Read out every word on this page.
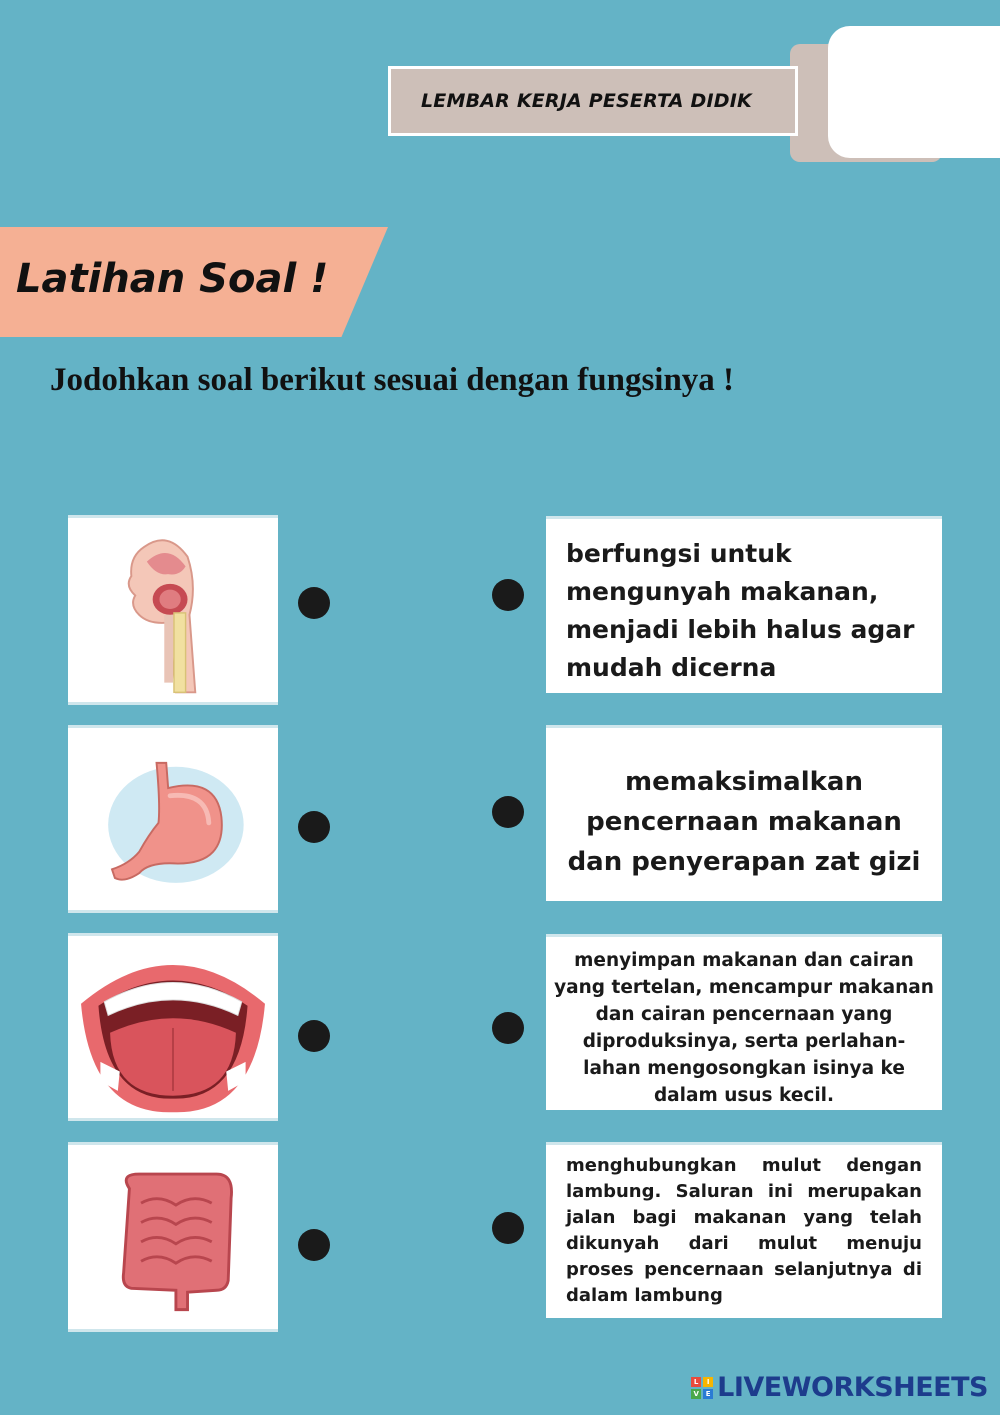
LEMBAR KERJA PESERTA DIDIK
Latihan Soal !
Jodohkan soal berikut sesuai dengan fungsinya !
berfungsi untuk mengunyah makanan, menjadi lebih halus agar mudah dicerna
memaksimalkan pencernaan makanan dan penyerapan zat gizi
menyimpan makanan dan cairan yang tertelan, mencampur makanan dan cairan pencernaan yang diproduksinya, serta perlahan-lahan mengosongkan isinya ke dalam usus kecil.
menghubungkan mulut dengan lambung. Saluran ini merupakan jalan bagi makanan yang telah dikunyah dari mulut menuju proses pencernaan selanjutnya di dalam lambung
L	I
V E LIVEWORKSHEETS
